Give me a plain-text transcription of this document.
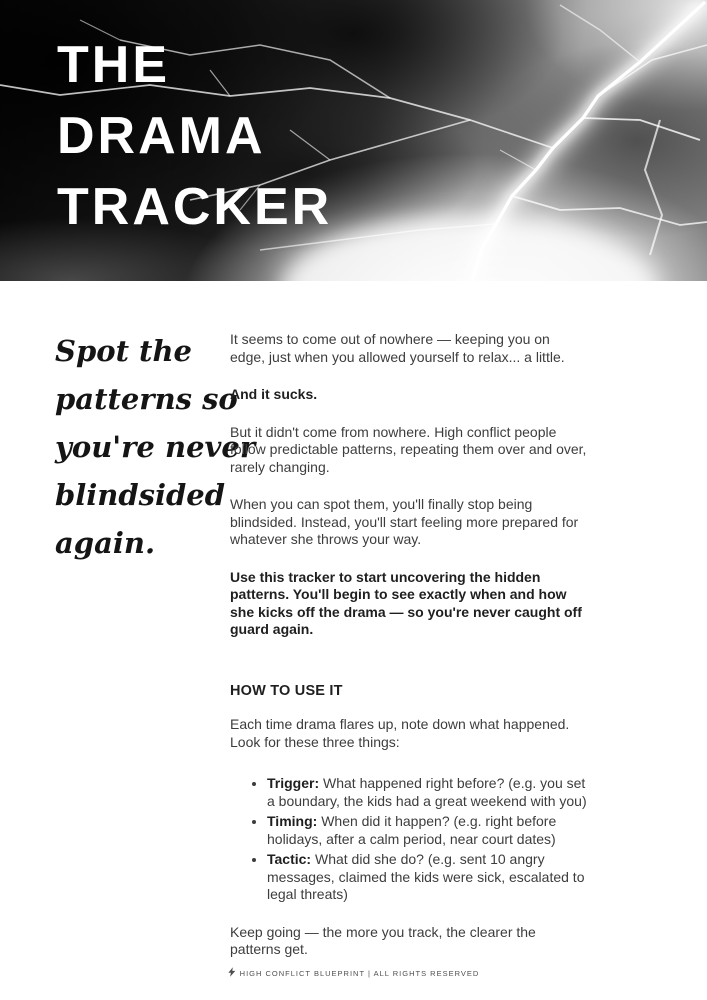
THE
DRAMA
TRACKER
Spot the
patterns so
you're never
blindsided
again.

It seems to come out of nowhere — keeping you on edge, just when you allowed yourself to relax... a little.

And it sucks.

But it didn't come from nowhere. High conflict people follow predictable patterns, repeating them over and over, rarely changing.

When you can spot them, you'll finally stop being blindsided. Instead, you'll start feeling more prepared for whatever she throws your way.

Use this tracker to start uncovering the hidden patterns. You'll begin to see exactly when and how she kicks off the drama — so you're never caught off guard again.

HOW TO USE IT

Each time drama flares up, note down what happened. Look for these three things:

• Trigger: What happened right before? (e.g. you set a boundary, the kids had a great weekend with you)
• Timing: When did it happen? (e.g. right before holidays, after a calm period, near court dates)
• Tactic: What did she do? (e.g. sent 10 angry messages, claimed the kids were sick, escalated to legal threats)

Keep going — the more you track, the clearer the patterns get.

HIGH CONFLICT BLUEPRINT | ALL RIGHTS RESERVED
